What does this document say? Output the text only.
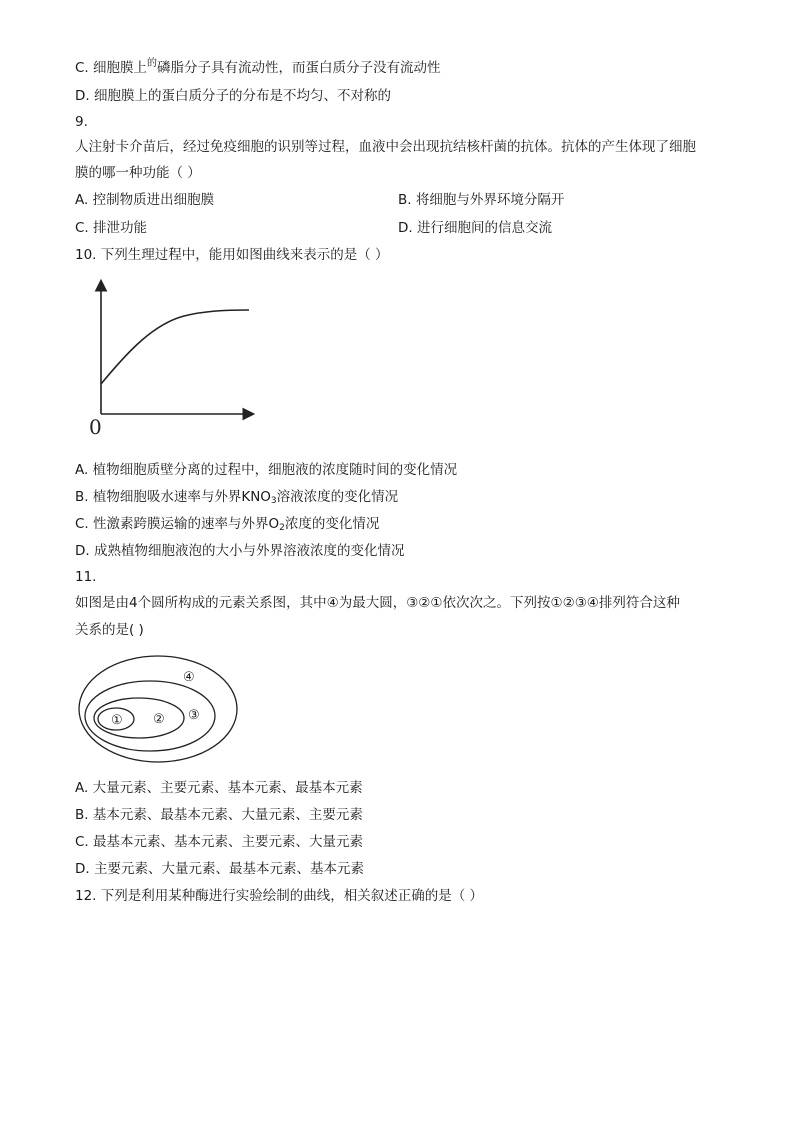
C. 细胞膜上$^的$磷脂分子具有流动性，而蛋白质分子没有流动性
D. 细胞膜上的蛋白质分子的分布是不均匀、不对称的
9.
人注射卡介苗后，经过免疫细胞的识别等过程，血液中会出现抗结核杆菌的抗体。抗体的产生体现了细胞
膜的哪一种功能（ ）
A. 控制物质进出细胞膜	B. 将细胞与外界环境分隔开
C. 排泄功能	D. 进行细胞间的信息交流
10. 下列生理过程中，能用如图曲线来表示的是（ ）
0
A. 植物细胞质壁分离的过程中，细胞液的浓度随时间的变化情况
B. 植物细胞吸水速率与外界$KNO_3$溶液浓度的变化情况
C. 性激素跨膜运输的速率与外界$O_2$浓度的变化情况
D. 成熟植物细胞液泡的大小与外界溶液浓度的变化情况
11.
如图是由4个圆所构成的元素关系图，其中④为最大圆，③②①依次次之。下列按①②③④排列符合这种
关系的是( )
① ② ③
④
A. 大量元素、主要元素、基本元素、最基本元素
B. 基本元素、最基本元素、大量元素、主要元素
C. 最基本元素、基本元素、主要元素、大量元素
D. 主要元素、大量元素、最基本元素、基本元素
12. 下列是利用某种酶进行实验绘制的曲线，相关叙述正确的是（ ）
